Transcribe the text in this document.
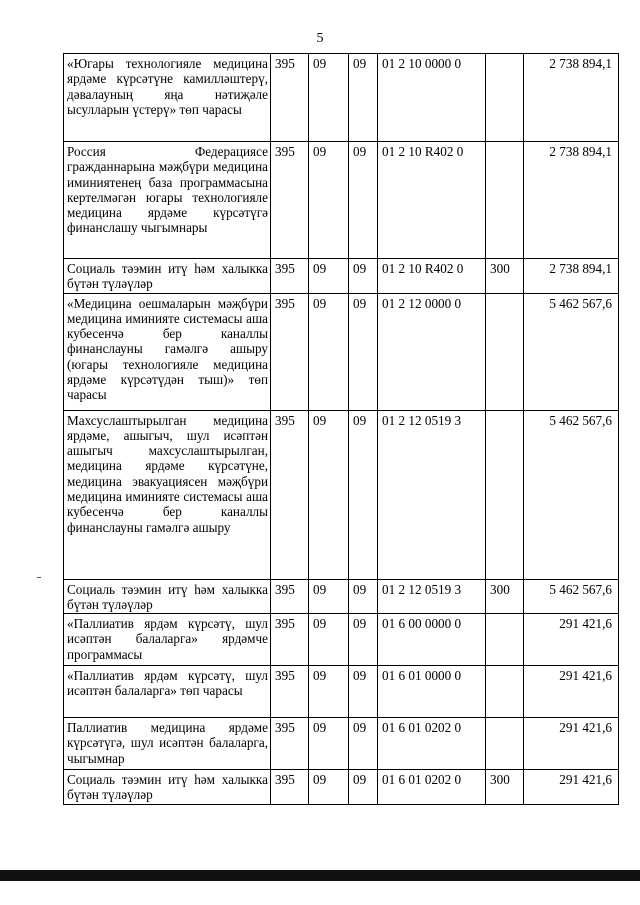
5
«Югары технологияле медицина ярдәме күрсәтүне камилләштерү, дәвалауның яңа нәтиҗәле ысулларын үстерү» төп чарасы	395	09	09	01 2 10 0000 0		2 738 894,1
Россия Федерациясе гражданнарына мәҗбүри медицина иминиятенең база программасына кертелмәгән югары технологияле медицина ярдәме күрсәтүгә финанслашу чыгымнары	395	09	09	01 2 10 R402 0		2 738 894,1
Социаль тәэмин итү һәм халыкка бүтән түләүләр	395	09	09	01 2 10 R402 0	300	2 738 894,1
«Медицина оешмаларын мәҗбүри медицина иминияте системасы аша кубесенчә бер каналлы финанслауны гамәлгә ашыру (югары технологияле медицина ярдәме күрсәтүдән тыш)» төп чарасы	395	09	09	01 2 12 0000 0		5 462 567,6
Махсуслаштырылган медицина ярдәме, ашыгыч, шул исәптән ашыгыч махсуслаштырылган, медицина ярдәме күрсәтүне, медицина эвакуациясен мәҗбүри медицина иминияте системасы аша кубесенчә бер каналлы финанслауны гамәлгә ашыру	395	09	09	01 2 12 0519 3		5 462 567,6
Социаль тәэмин итү һәм халыкка бүтән түләүләр	395	09	09	01 2 12 0519 3	300	5 462 567,6
«Паллиатив ярдәм күрсәтү, шул исәптән балаларга» ярдәмче программасы	395	09	09	01 6 00 0000 0		291 421,6
«Паллиатив ярдәм күрсәтү, шул исәптән балаларга» төп чарасы	395	09	09	01 6 01 0000 0		291 421,6
Паллиатив медицина ярдәме күрсәтүгә, шул исәптән балаларга, чыгымнар	395	09	09	01 6 01 0202 0		291 421,6
Социаль тәэмин итү һәм халыкка бүтән түләүләр	395	09	09	01 6 01 0202 0	300	291 421,6
